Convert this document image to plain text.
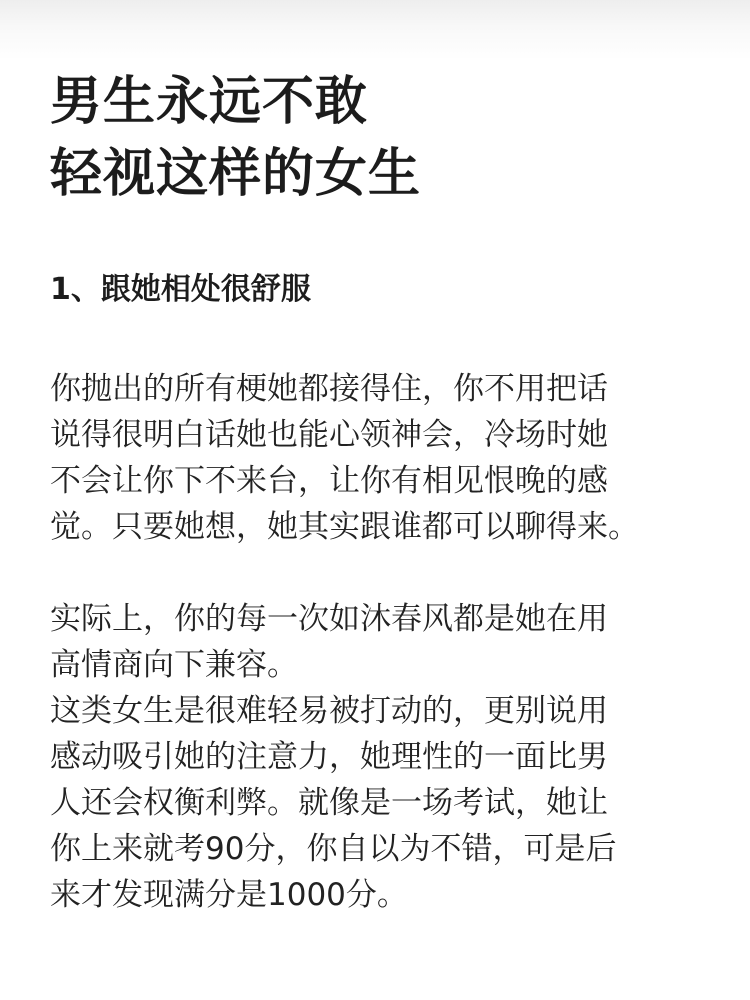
男生永远不敢
轻视这样的女生
1、跟她相处很舒服

你抛出的所有梗她都接得住，你不用把话
说得很明白话她也能心领神会，冷场时她
不会让你下不来台，让你有相见恨晚的感
觉。只要她想，她其实跟谁都可以聊得来。

实际上，你的每一次如沐春风都是她在用
高情商向下兼容。

这类女生是很难轻易被打动的，更别说用
感动吸引她的注意力，她理性的一面比男
人还会权衡利弊。就像是一场考试，她让
你上来就考90分，你自以为不错，可是后
来才发现满分是1000分。
